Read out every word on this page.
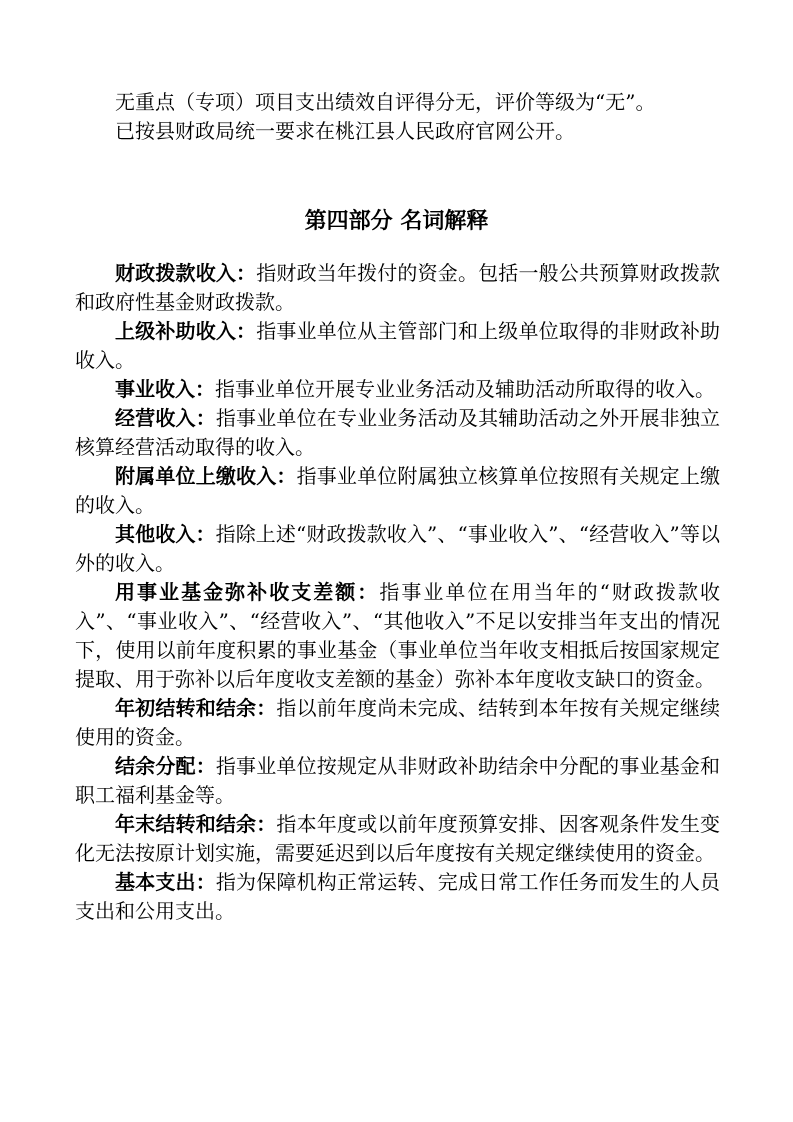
无重点（专项）项目支出绩效自评得分无，评价等级为“无”。

已按县财政局统一要求在桃江县人民政府官网公开。

第四部分 名词解释

财政拨款收入：指财政当年拨付的资金。包括一般公共预算财政拨款和政府性基金财政拨款。

上级补助收入：指事业单位从主管部门和上级单位取得的非财政补助收入。

事业收入：指事业单位开展专业业务活动及辅助活动所取得的收入。

经营收入：指事业单位在专业业务活动及其辅助活动之外开展非独立核算经营活动取得的收入。

附属单位上缴收入：指事业单位附属独立核算单位按照有关规定上缴的收入。

其他收入：指除上述“财政拨款收入”、“事业收入”、“经营收入”等以外的收入。

用事业基金弥补收支差额：指事业单位在用当年的“财政拨款收入”、“事业收入”、“经营收入”、“其他收入”不足以安排当年支出的情况下，使用以前年度积累的事业基金（事业单位当年收支相抵后按国家规定提取、用于弥补以后年度收支差额的基金）弥补本年度收支缺口的资金。

年初结转和结余：指以前年度尚未完成、结转到本年按有关规定继续使用的资金。

结余分配：指事业单位按规定从非财政补助结余中分配的事业基金和职工福利基金等。

年末结转和结余：指本年度或以前年度预算安排、因客观条件发生变化无法按原计划实施，需要延迟到以后年度按有关规定继续使用的资金。

基本支出：指为保障机构正常运转、完成日常工作任务而发生的人员支出和公用支出。
